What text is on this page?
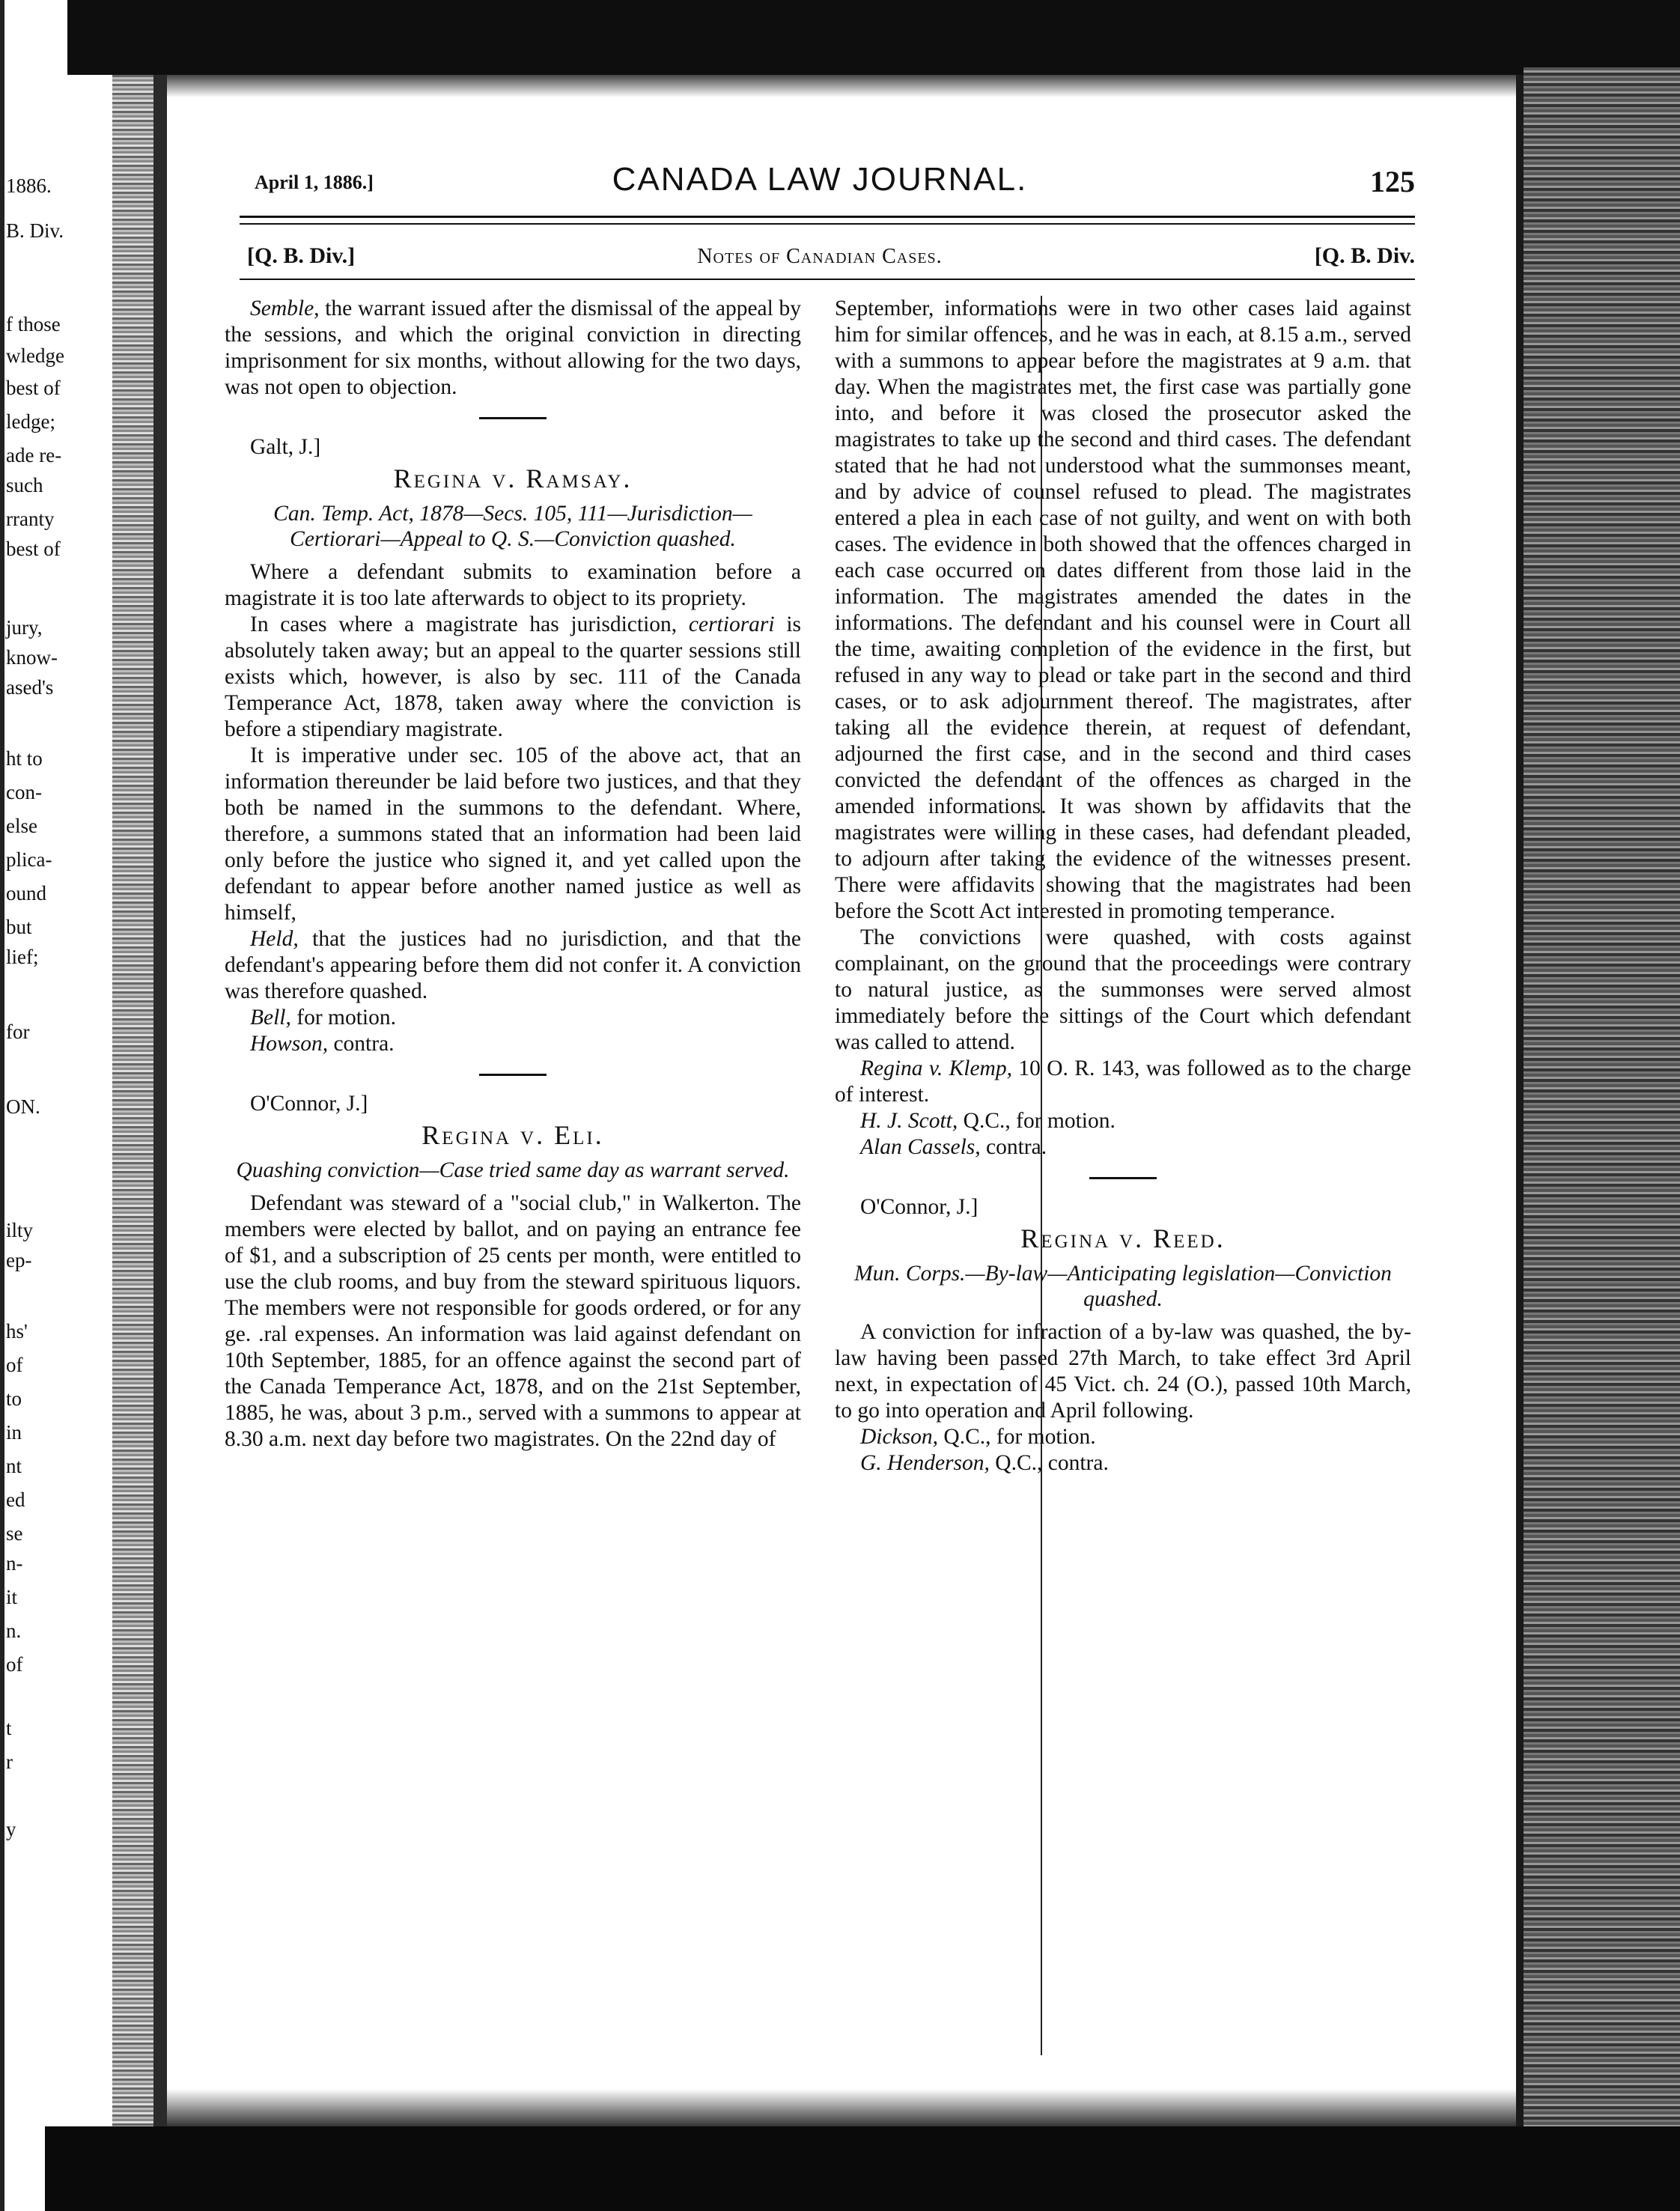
1886.
B. Div.
f those
wledge
best of
ledge;
ade re-
such
rranty
best of
jury,
know-
ased's
ht to
con-
else
plica-
ound
but
lief;
for
ON.
ilty
ep-
hs'
of
to
in
nt
ed
se
n-
it
n.
of
t
r
y
April 1, 1886.]	CANADA LAW JOURNAL.	125
[Q. B. Div.]	Notes of Canadian Cases.	[Q. B. Div.

Semble, the warrant issued after the dismissal of the appeal by the sessions, and which the original conviction in directing imprisonment for six months, without allowing for the two days, was not open to objection.

Galt, J.]

Regina v. Ramsay.
Can. Temp. Act, 1878—Secs. 105, 111—Jurisdiction—Certiorari—Appeal to Q. S.—Conviction quashed.

Where a defendant submits to examination before a magistrate it is too late afterwards to object to its propriety.

In cases where a magistrate has jurisdiction, certiorari is absolutely taken away; but an appeal to the quarter sessions still exists which, however, is also by sec. 111 of the Canada Temperance Act, 1878, taken away where the conviction is before a stipendiary magistrate.

It is imperative under sec. 105 of the above act, that an information thereunder be laid before two justices, and that they both be named in the summons to the defendant. Where, therefore, a summons stated that an information had been laid only before the justice who signed it, and yet called upon the defendant to appear before another named justice as well as himself,

Held, that the justices had no jurisdiction, and that the defendant's appearing before them did not confer it. A conviction was therefore quashed.

Bell, for motion.

Howson, contra.

O'Connor, J.]

Regina v. Eli.
Quashing conviction—Case tried same day as warrant served.

Defendant was steward of a "social club," in Walkerton. The members were elected by ballot, and on paying an entrance fee of $1, and a subscription of 25 cents per month, were entitled to use the club rooms, and buy from the steward spirituous liquors. The members were not responsible for goods ordered, or for any ge. .ral expenses. An information was laid against defendant on 10th September, 1885, for an offence against the second part of the Canada Temperance Act, 1878, and on the 21st September, 1885, he was, about 3 p.m., served with a summons to appear at 8.30 a.m. next day before two magistrates. On the 22nd day of

September, informations were in two other cases laid against him for similar offences, and he was in each, at 8.15 a.m., served with a summons to appear before the magistrates at 9 a.m. that day. When the magistrates met, the first case was partially gone into, and before it was closed the prosecutor asked the magistrates to take up the second and third cases. The defendant stated that he had not understood what the summonses meant, and by advice of counsel refused to plead. The magistrates entered a plea in each case of not guilty, and went on with both cases. The evidence in both showed that the offences charged in each case occurred on dates different from those laid in the information. The magistrates amended the dates in the informations. The defendant and his counsel were in Court all the time, awaiting completion of the evidence in the first, but refused in any way to plead or take part in the second and third cases, or to ask adjournment thereof. The magistrates, after taking all the evidence therein, at request of defendant, adjourned the first case, and in the second and third cases convicted the defendant of the offences as charged in the amended informations. It was shown by affidavits that the magistrates were willing in these cases, had defendant pleaded, to adjourn after taking the evidence of the witnesses present. There were affidavits showing that the magistrates had been before the Scott Act interested in promoting temperance.

The convictions were quashed, with costs against complainant, on the ground that the proceedings were contrary to natural justice, as the summonses were served almost immediately before the sittings of the Court which defendant was called to attend.

Regina v. Klemp, 10 O. R. 143, was followed as to the charge of interest.

H. J. Scott, Q.C., for motion.

Alan Cassels, contra.

O'Connor, J.]

Regina v. Reed.
Mun. Corps.—By-law—Anticipating legislation—Conviction quashed.

A conviction for infraction of a by-law was quashed, the by-law having been passed 27th March, to take effect 3rd April next, in expectation of 45 Vict. ch. 24 (O.), passed 10th March, to go into operation and April following.

Dickson, Q.C., for motion.

G. Henderson, Q.C., contra.
